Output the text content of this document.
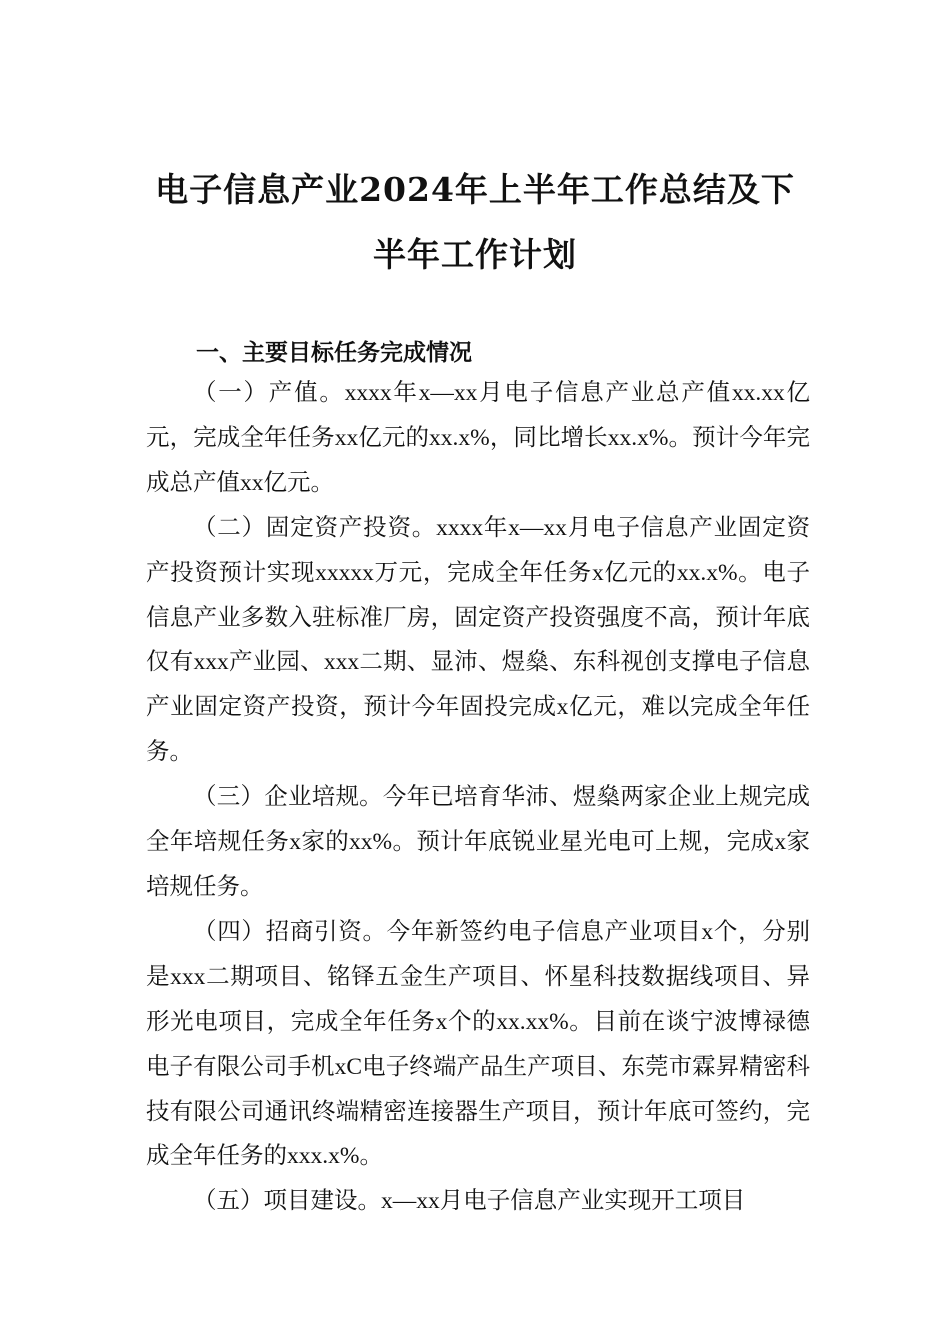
电子信息产业2024年上半年工作总结及下
半年工作计划
一、主要目标任务完成情况

（一）产值。xxxx年x—xx月电子信息产业总产值xx.xx亿元，完成全年任务xx亿元的xx.x%，同比增长xx.x%。预计今年完成总产值xx亿元。

（二）固定资产投资。xxxx年x—xx月电子信息产业固定资产投资预计实现xxxxx万元，完成全年任务x亿元的xx.x%。电子信息产业多数入驻标准厂房，固定资产投资强度不高，预计年底仅有xxx产业园、xxx二期、显沛、煜燊、东科视创支撑电子信息产业固定资产投资，预计今年固投完成x亿元，难以完成全年任务。

（三）企业培规。今年已培育华沛、煜燊两家企业上规完成全年培规任务x家的xx%。预计年底锐业星光电可上规，完成x家培规任务。

（四）招商引资。今年新签约电子信息产业项目x个，分别是xxx二期项目、铭铎五金生产项目、怀星科技数据线项目、异形光电项目，完成全年任务x个的xx.xx%。目前在谈宁波博禄德电子有限公司手机xC电子终端产品生产项目、东莞市霖昇精密科技有限公司通讯终端精密连接器生产项目，预计年底可签约，完成全年任务的xxx.x%。

（五）项目建设。x—xx月电子信息产业实现开工项目
